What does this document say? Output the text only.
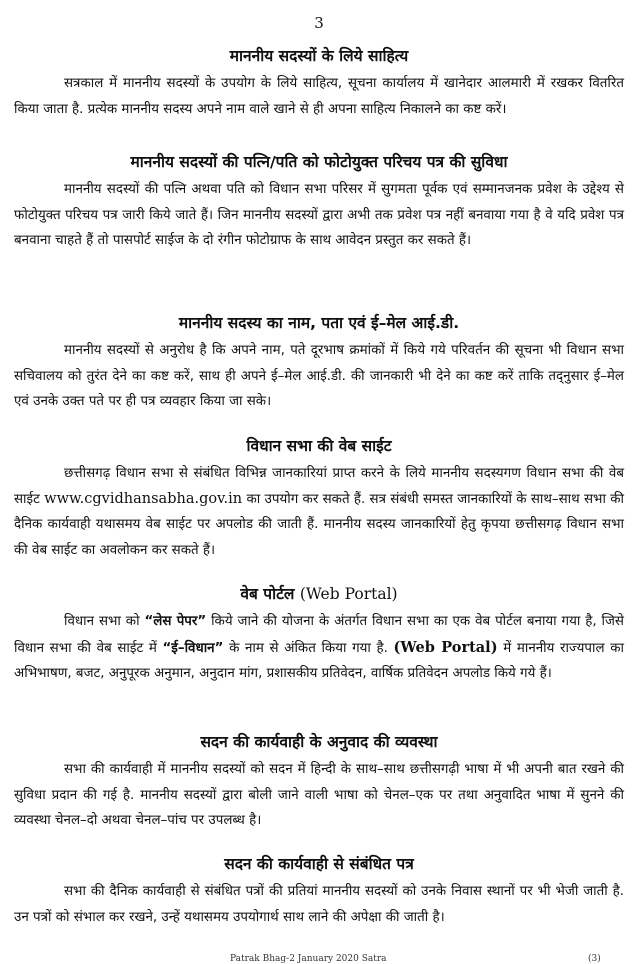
3
माननीय सदस्यों के लिये साहित्य

सत्रकाल में माननीय सदस्यों के उपयोग के लिये साहित्य, सूचना कार्यालय में खानेदार आलमारी में रखकर वितरित किया जाता है. प्रत्येक माननीय सदस्य अपने नाम वाले खाने से ही अपना साहित्य निकालने का कष्ट करें।

माननीय सदस्यों की पत्नि/पति को फोटोयुक्त परिचय पत्र की सुविधा

माननीय सदस्यों की पत्नि अथवा पति को विधान सभा परिसर में सुगमता पूर्वक एवं सम्मानजनक प्रवेश के उद्देश्य से फोटोयुक्त परिचय पत्र जारी किये जाते हैं। जिन माननीय सदस्यों द्वारा अभी तक प्रवेश पत्र नहीं बनवाया गया है वे यदि प्रवेश पत्र बनवाना चाहते हैं तो पासपोर्ट साईज के दो रंगीन फोटोग्राफ के साथ आवेदन प्रस्तुत कर सकते हैं।

माननीय सदस्य का नाम, पता एवं ई–मेल आई.डी.

माननीय सदस्यों से अनुरोध है कि अपने नाम, पते दूरभाष क्रमांकों में किये गये परिवर्तन की सूचना भी विधान सभा सचिवालय को तुरंत देने का कष्ट करें, साथ ही अपने ई–मेल आई.डी. की जानकारी भी देने का कष्ट करें ताकि तद्नुसार ई–मेल एवं उनके उक्त पते पर ही पत्र व्यवहार किया जा सके।

विधान सभा की वेब साईट

छत्तीसगढ़ विधान सभा से संबंधित विभिन्न जानकारियां प्राप्त करने के लिये माननीय सदस्यगण विधान सभा की वेब साईट www.cgvidhansabha.gov.in का उपयोग कर सकते हैं. सत्र संबंधी समस्त जानकारियों के साथ–साथ सभा की दैनिक कार्यवाही यथासमय वेब साईट पर अपलोड की जाती हैं. माननीय सदस्य जानकारियों हेतु कृपया छत्तीसगढ़ विधान सभा की वेब साईट का अवलोकन कर सकते हैं।

वेब पोर्टल (Web Portal)

विधान सभा को “लेस पेपर” किये जाने की योजना के अंतर्गत विधान सभा का एक वेब पोर्टल बनाया गया है, जिसे विधान सभा की वेब साईट में “ई–विधान” के नाम से अंकित किया गया है. (Web Portal) में माननीय राज्यपाल का अभिभाषण, बजट, अनुपूरक अनुमान, अनुदान मांग, प्रशासकीय प्रतिवेदन, वार्षिक प्रतिवेदन अपलोड किये गये हैं।

सदन की कार्यवाही के अनुवाद की व्यवस्था

सभा की कार्यवाही में माननीय सदस्यों को सदन में हिन्दी के साथ–साथ छत्तीसगढ़ी भाषा में भी अपनी बात रखने की सुविधा प्रदान की गई है. माननीय सदस्यों द्वारा बोली जाने वाली भाषा को चेनल–एक पर तथा अनुवादित भाषा में सुनने की व्यवस्था चेनल–दो अथवा चेनल–पांच पर उपलब्ध है।

सदन की कार्यवाही से संबंधित पत्र

सभा की दैनिक कार्यवाही से संबंधित पत्रों की प्रतियां माननीय सदस्यों को उनके निवास स्थानों पर भी भेजी जाती है. उन पत्रों को संभाल कर रखने, उन्हें यथासमय उपयोगार्थ साथ लाने की अपेक्षा की जाती है।

Patrak Bhag-2 January 2020 Satra	(3)
